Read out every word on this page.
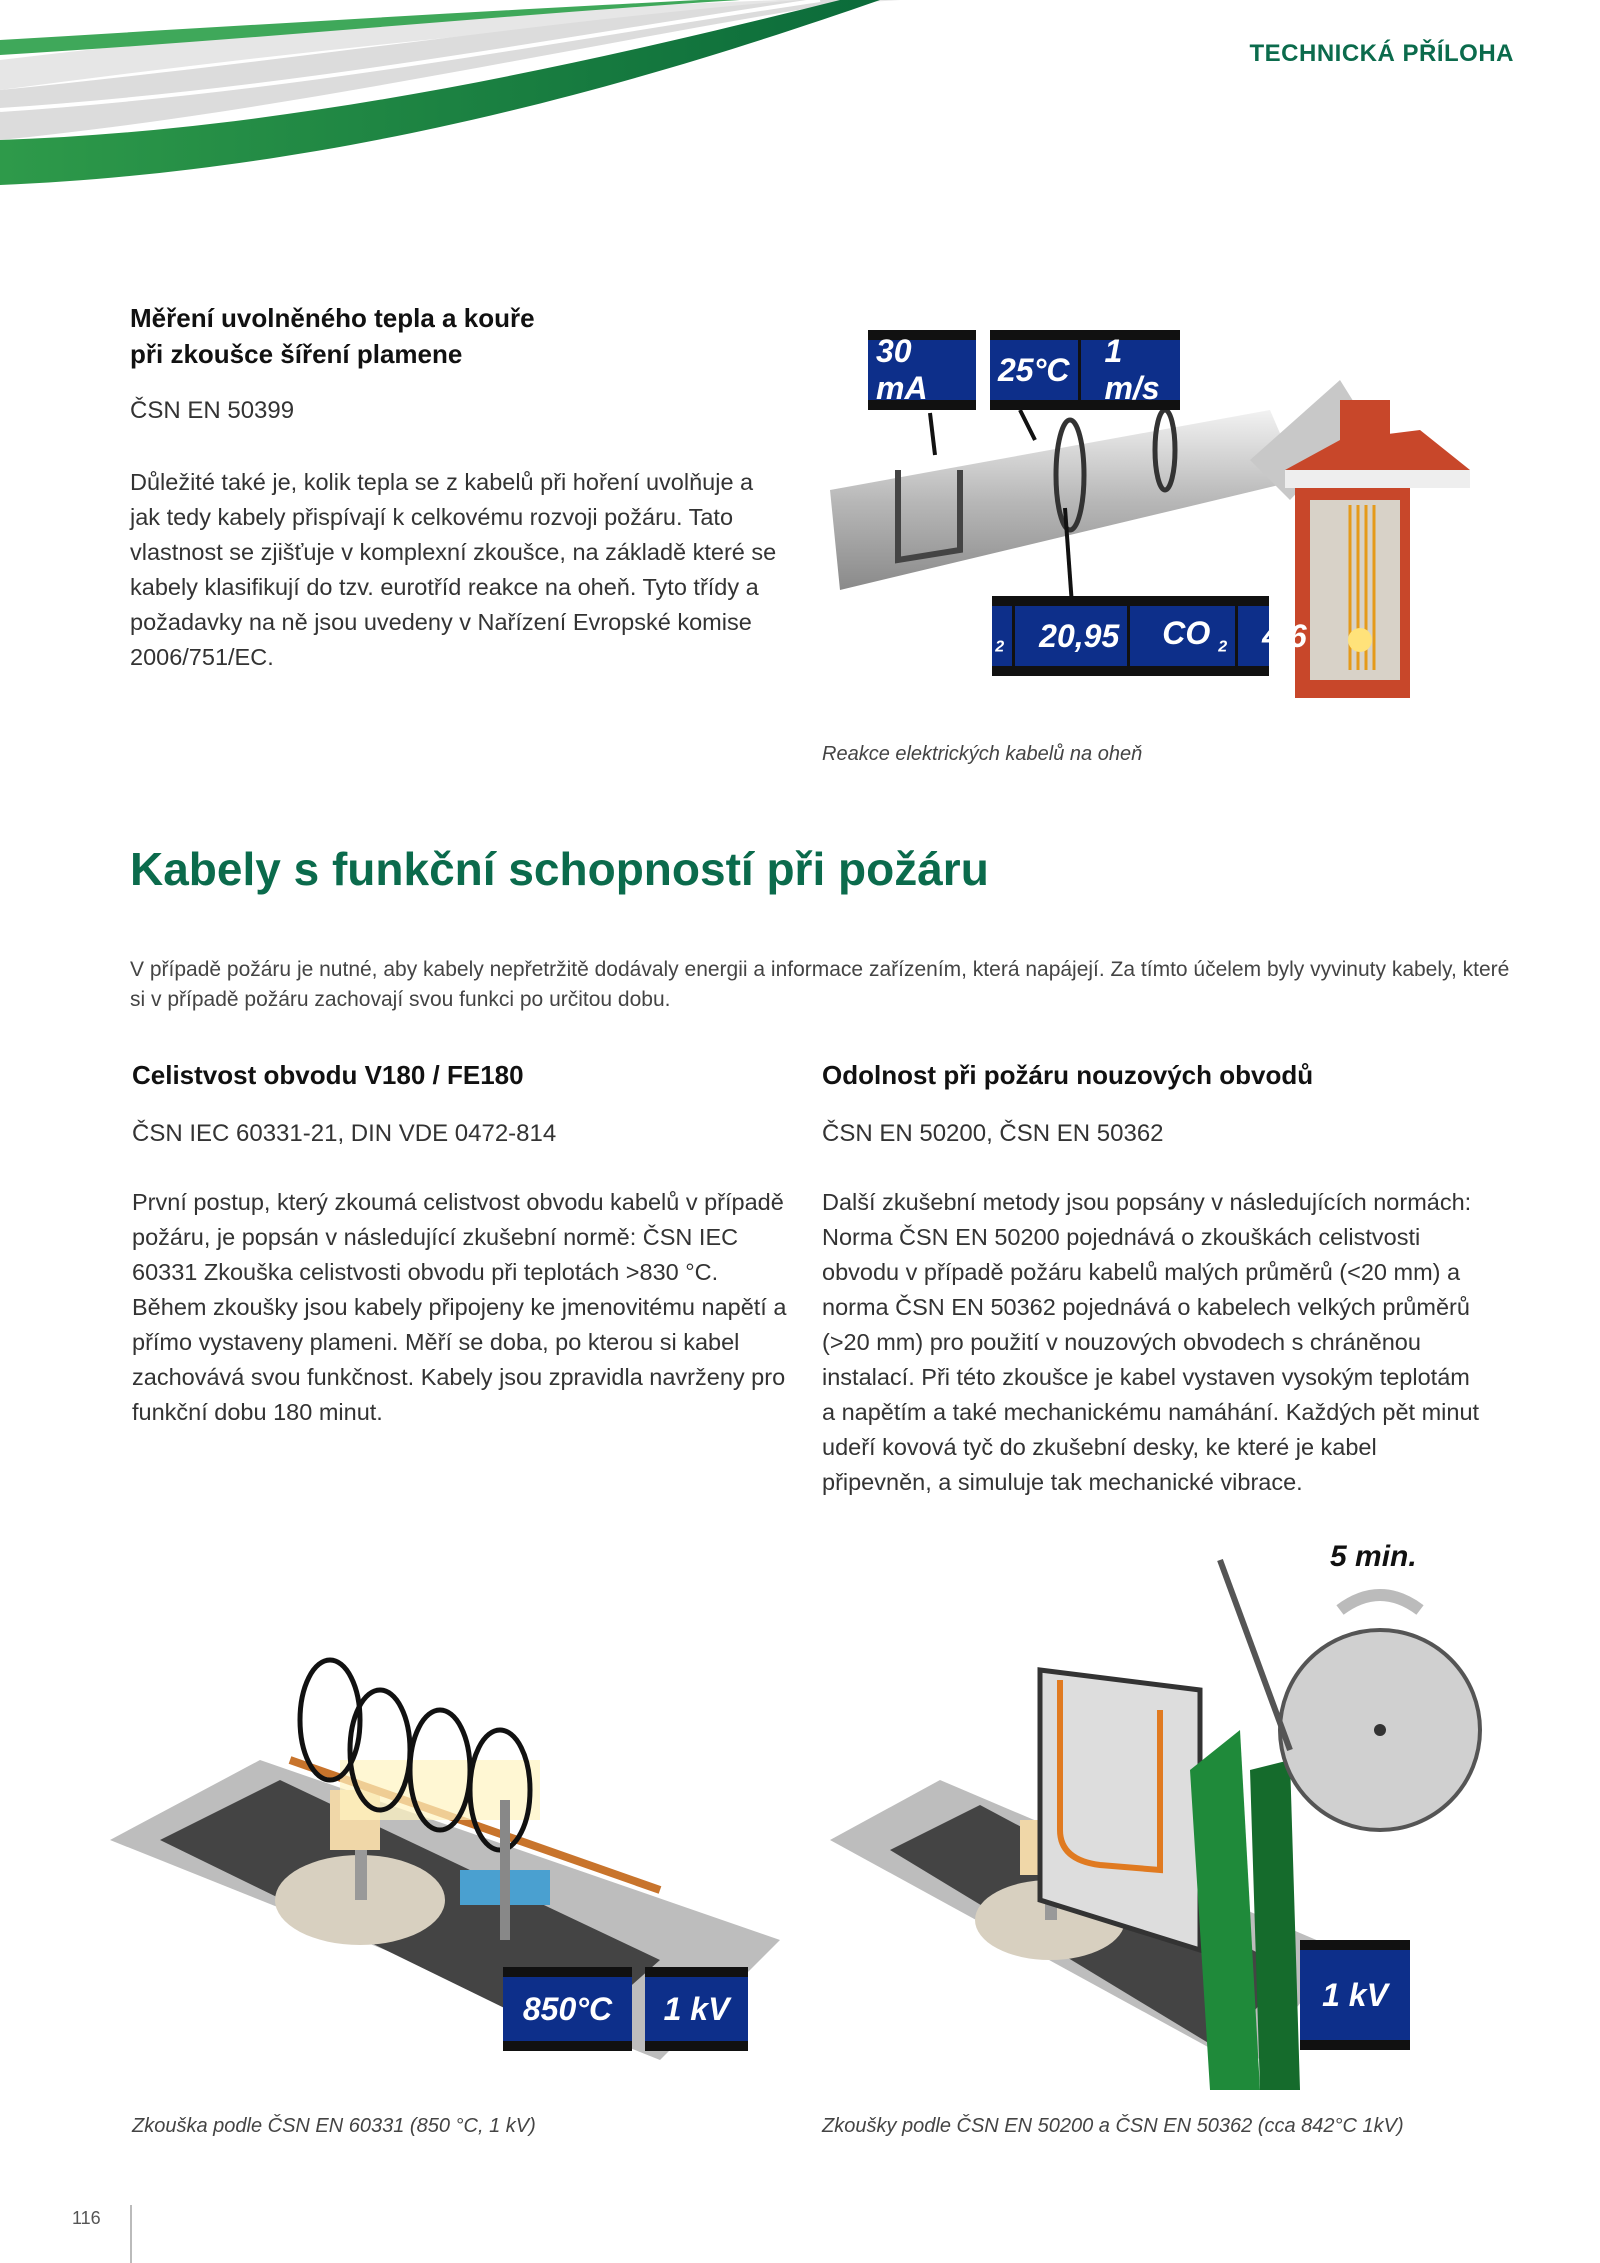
TECHNICKÁ PŘÍLOHA
Měření uvolněného tepla a kouře
při zkoušce šíření plamene
ČSN EN 50399
Důležité také je, kolik tepla se z kabelů při hoření uvolňuje a jak tedy kabely přispívají k celkovému rozvoji požáru. Tato vlastnost se zjišťuje v komplexní zkoušce, na základě které se kabely klasifikují do tzv. eurotříd reakce na oheň. Tyto třídy a požadavky na ně jsou uvedeny v Nařízení Evropské komise 2006/751/EC.
30 mA
25°C
1 m/s
O $_2$ 20,95	CO $_2$ 4,6
Reakce elektrických kabelů na oheň
Kabely s funkční schopností při požáru
V případě požáru je nutné, aby kabely nepřetržitě dodávaly energii a informace zařízením, která napájejí. Za tímto účelem byly vyvinuty kabely, které si v případě požáru zachovají svou funkci po určitou dobu.
Celistvost obvodu V180 / FE180
ČSN IEC 60331-21, DIN VDE 0472-814
První postup, který zkoumá celistvost obvodu kabelů v případě požáru, je popsán v následující zkušební normě: ČSN IEC 60331 Zkouška celistvosti obvodu při teplotách >830 °C. Během zkoušky jsou kabely připojeny ke jmenovitému napětí a přímo vystaveny plameni. Měří se doba, po kterou si kabel zachovává svou funkčnost. Kabely jsou zpravidla navrženy pro funkční dobu 180 minut.
Odolnost při požáru nouzových obvodů
ČSN EN 50200, ČSN EN 50362
Další zkušební metody jsou popsány v následujících normách: Norma ČSN EN 50200 pojednává o zkouškách celistvosti obvodu v případě požáru kabelů malých průměrů (<20 mm) a norma ČSN EN 50362 pojednává o kabelech velkých průměrů (>20 mm) pro použití v nouzových obvodech s chráněnou instalací. Při této zkoušce je kabel vystaven vysokým teplotám a napětím a také mechanickému namáhání. Každých pět minut udeří kovová tyč do zkušební desky, ke které je kabel připevněn, a simuluje tak mechanické vibrace.
850°C 1 kV
Zkouška podle ČSN EN 60331 (850 °C, 1 kV)
5 min.
1 kV
Zkoušky podle ČSN EN 50200 a ČSN EN 50362 (cca 842°C 1kV)
116
